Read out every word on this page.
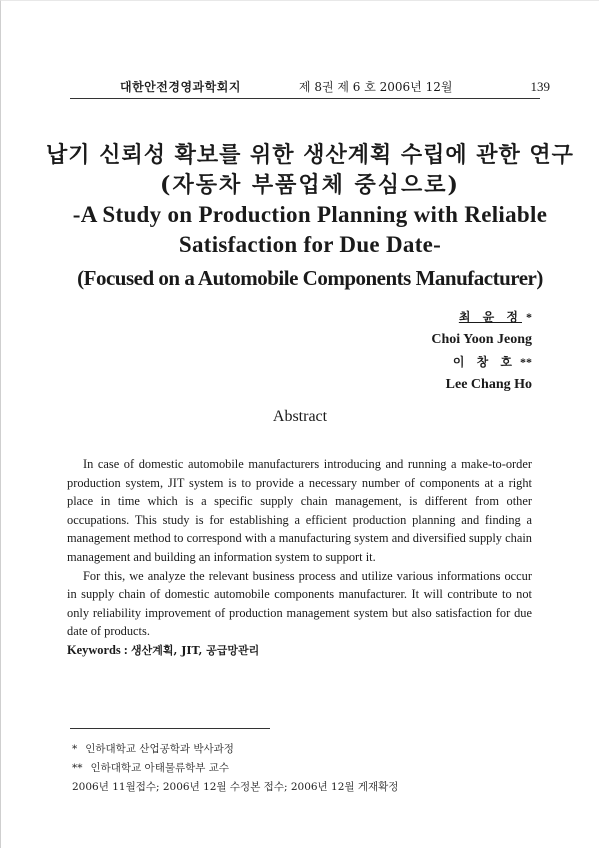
대한안전경영과학회지	제 8권 제 6 호 2006년 12월	139
납기 신뢰성 확보를 위한 생산계획 수립에 관한 연구
(자동차 부품업체 중심으로)
-A Study on Production Planning with Reliable
Satisfaction for Due Date-
(Focused on a Automobile Components Manufacturer)
최 윤 정 *
Choi Yoon Jeong
이 창 호 **
Lee Chang Ho
Abstract

In case of domestic automobile manufacturers introducing and running a make-to-order production system, JIT system is to provide a necessary number of components at a right place in time which is a specific supply chain management, is different from other occupations. This study is for establishing a efficient production planning and finding a management method to correspond with a manufacturing system and diversified supply chain management and building an information system to support it.

For this, we analyze the relevant business process and utilize various informations occur in supply chain of domestic automobile components manufacturer. It will contribute to not only reliability improvement of production management system but also satisfaction for due date of products.

Keywords : 생산계획, JIT, 공급망관리
* 인하대학교 산업공학과 박사과정
** 인하대학교 아태물류학부 교수
2006년 11월접수; 2006년 12월 수정본 접수; 2006년 12월 게재확정
